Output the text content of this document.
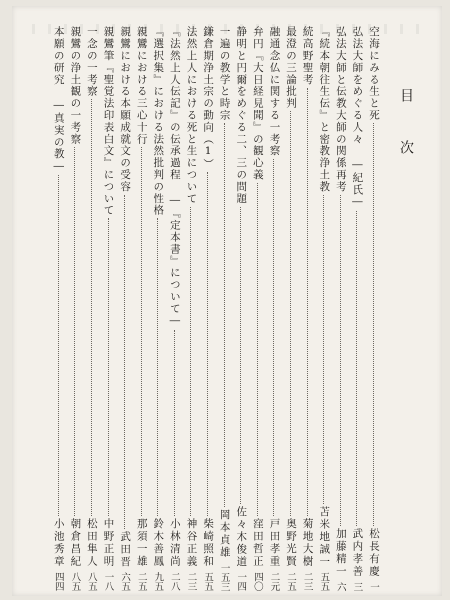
目次
空海にみる生と死
松長有慶
一
弘法大師をめぐる人々 ―紀氏―
武内孝善
三
弘法大師と伝教大師の関係再考
加藤精一
六
『続本朝往生伝』と密教浄土教
苫米地誠一
五五
続高野聖考
菊地大樹
二三
最澄の三論批判
奥野光賢
二五
融通念仏に関する一考察
戸田孝重
二元
弁円『大日経見聞』の観心義
窪田哲正
四〇
静明と円爾をめぐる二、三の問題
佐々木俊道
一四
一遍の教学と時宗
岡本貞雄
一五三
鎌倉期浄土宗の動向（1）
柴崎照和
五五
法然上人における死と生について
神谷正義
二三
『法然上人伝記』の伝承過程 ―『定本書』について―
小林清尚
二八
『選択集』における法然批判の性格
鈴木善鳳
九五
親鸞における三心十行
那須一雄
二五
親鸞における本願成就文の受容
武田晋
六五
親鸞筆『聖覚法印表白文』について
中野正明
一八
一念の一考察
松田隼人
八五
親鸞の浄土観の一考察
朝倉昌紀
八五
本願の研究 ―真実の教―
小池秀章
四四
